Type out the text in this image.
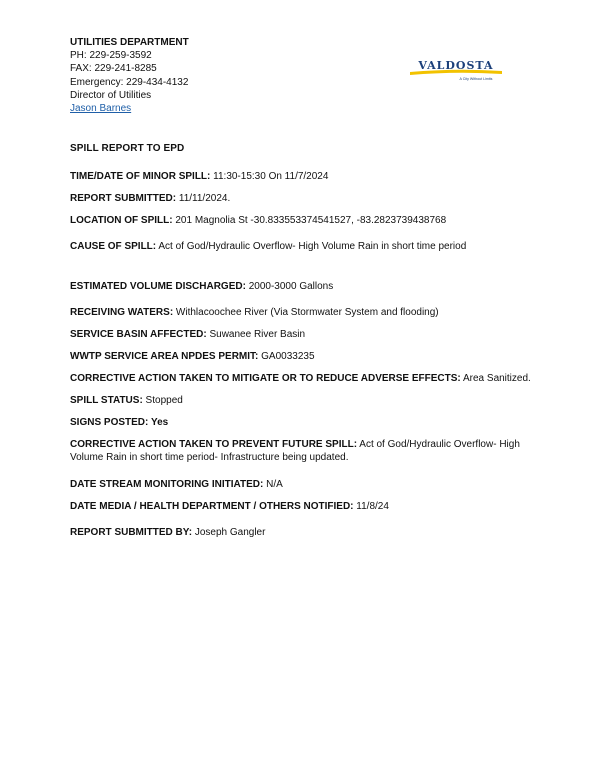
UTILITIES DEPARTMENT
PH: 229-259-3592
FAX: 229-241-8285
Emergency: 229-434-4132
Director of Utilities
Jason Barnes
VALDOSTA
A City Without Limits
SPILL REPORT TO EPD
TIME/DATE OF MINOR SPILL: 11:30-15:30 On 11/7/2024
REPORT SUBMITTED: 11/11/2024.
LOCATION OF SPILL: 201 Magnolia St -30.833553374541527, -83.2823739438768
CAUSE OF SPILL: Act of God/Hydraulic Overflow- High Volume Rain in short time period
ESTIMATED VOLUME DISCHARGED: 2000-3000 Gallons
RECEIVING WATERS: Withlacoochee River (Via Stormwater System and flooding)
SERVICE BASIN AFFECTED: Suwanee River Basin
WWTP SERVICE AREA NPDES PERMIT: GA0033235
CORRECTIVE ACTION TAKEN TO MITIGATE OR TO REDUCE ADVERSE EFFECTS: Area Sanitized.
SPILL STATUS: Stopped
SIGNS POSTED: Yes
CORRECTIVE ACTION TAKEN TO PREVENT FUTURE SPILL: Act of God/Hydraulic Overflow- High Volume Rain in short time period- Infrastructure being updated.
DATE STREAM MONITORING INITIATED: N/A
DATE MEDIA / HEALTH DEPARTMENT / OTHERS NOTIFIED: 11/8/24
REPORT SUBMITTED BY: Joseph Gangler
